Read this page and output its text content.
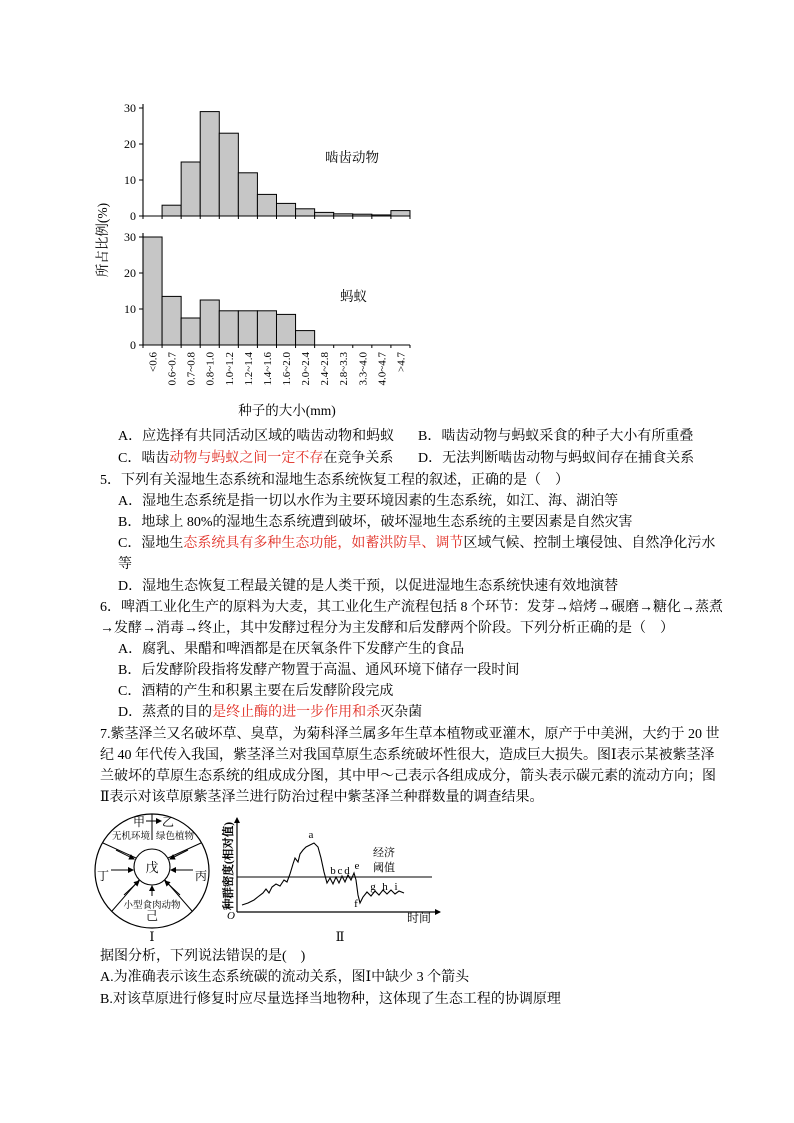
所占比例(%)
种子的大小(mm)
0
10
20
30
啮齿动物
0
10
20
30
蚂蚁
<0.6 0.6~0.7 0.7~0.8 0.8~1.0 1.0~1.2 1.2~1.4 1.4~1.6 1.6~2.0 2.0~2.4 2.4~2.8 2.8~3.3 3.3~4.0 4.0~4.7 >4.7
A．应选择有共同活动区域的啮齿动物和蚂蚁 B．啮齿动物与蚂蚁采食的种子大小有所重叠
C．啮齿动物与蚂蚁之间一定不存在竞争关系 D．无法判断啮齿动物与蚂蚁间存在捕食关系
5．下列有关湿地生态系统和湿地生态系统恢复工程的叙述，正确的是（　）
A．湿地生态系统是指一切以水作为主要环境因素的生态系统，如江、海、湖泊等
B．地球上 80%的湿地生态系统遭到破坏，破坏湿地生态系统的主要因素是自然灾害
C．湿地生态系统具有多种生态功能，如蓄洪防旱、调节区域气候、控制土壤侵蚀、自然净化污水
等
D．湿地生态恢复工程最关键的是人类干预，以促进湿地生态系统快速有效地演替
6．啤酒工业化生产的原料为大麦，其工业化生产流程包括 8 个环节：发芽→焙烤→碾磨→糖化→蒸煮
→发酵→消毒→终止，其中发酵过程分为主发酵和后发酵两个阶段。下列分析正确的是（　）
A．腐乳、果醋和啤酒都是在厌氧条件下发酵产生的食品
B．后发酵阶段指将发酵产物置于高温、通风环境下储存一段时间
C．酒精的产生和积累主要在后发酵阶段完成
D．蒸煮的目的是终止酶的进一步作用和杀灭杂菌
7.紫茎泽兰又名破坏草、臭草，为菊科泽兰属多年生草本植物或亚灌木，原产于中美洲，大约于 20 世
纪 40 年代传入我国，紫茎泽兰对我国草原生态系统破坏性很大，造成巨大损失。图Ⅰ表示某被紫茎泽
兰破坏的草原生态系统的组成成分图，其中甲～己表示各组成成分，箭头表示碳元素的流动方向；图
Ⅱ表示对该草原紫茎泽兰进行防治过程中紫茎泽兰种群数量的调查结果。
甲 乙
无机环境 绿色植物
丁	丙
戊
小型食肉动物
己
Ⅰ
种群密度(相对值)
O	时间
经济
阈值
a
b c d e
f
g h i
Ⅱ
据图分析，下列说法错误的是(　)
A.为准确表示该生态系统碳的流动关系，图Ⅰ中缺少 3 个箭头
B.对该草原进行修复时应尽量选择当地物种，这体现了生态工程的协调原理
